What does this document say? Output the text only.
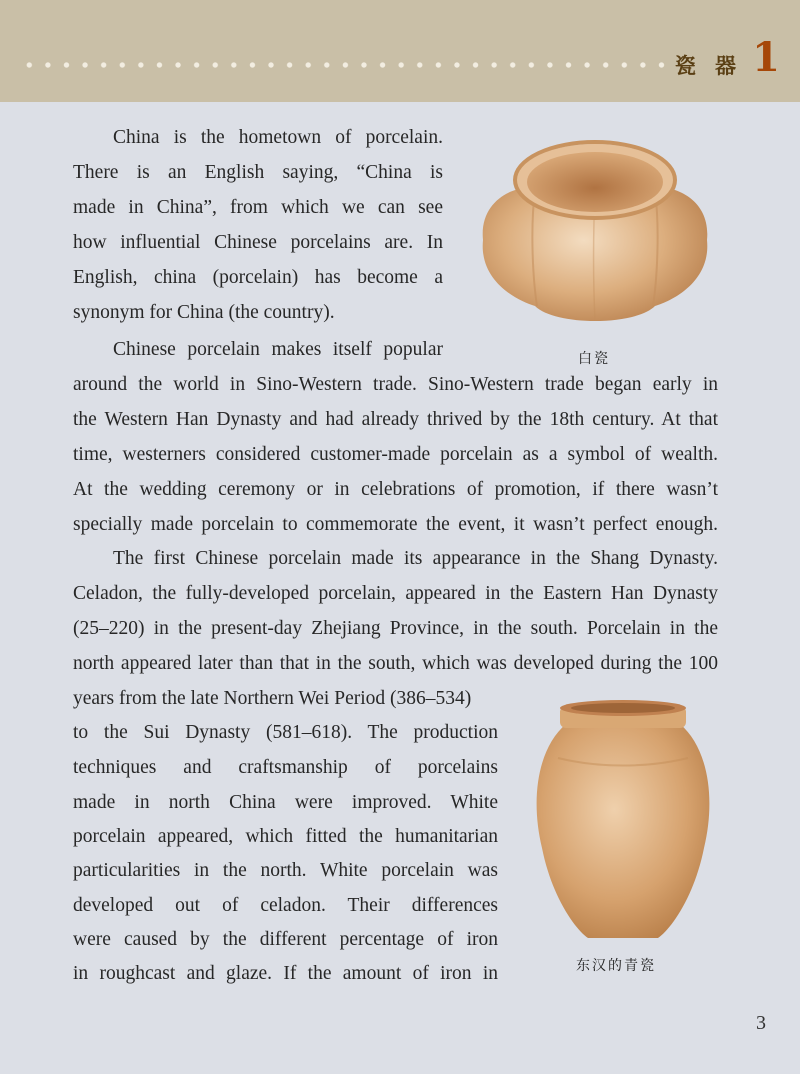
瓷 器 1
白瓷
东汉的青瓷
China is the hometown of porcelain.
There is an English saying, “China is
made in China”, from which we can see
how influential Chinese porcelains are. In
English, china (porcelain) has become a
synonym for China (the country).
Chinese porcelain makes itself popular
around the world in Sino-Western trade. Sino-Western trade began early in
the Western Han Dynasty and had already thrived by the 18th century. At that
time, westerners considered customer-made porcelain as a symbol of wealth.
At the wedding ceremony or in celebrations of promotion, if there wasn’t
specially made porcelain to commemorate the event, it wasn’t perfect enough.
The first Chinese porcelain made its appearance in the Shang Dynasty.
Celadon, the fully-developed porcelain, appeared in the Eastern Han Dynasty
(25–220) in the present-day Zhejiang Province, in the south. Porcelain in the
north appeared later than that in the south, which was developed during the 100
years from the late Northern Wei Period (386–534)
to the Sui Dynasty (581–618). The production
techniques and craftsmanship of porcelains
made in north China were improved. White
porcelain appeared, which fitted the humanitarian
particularities in the north. White porcelain was
developed out of celadon. Their differences
were caused by the different percentage of iron
in roughcast and glaze. If the amount of iron in
3
